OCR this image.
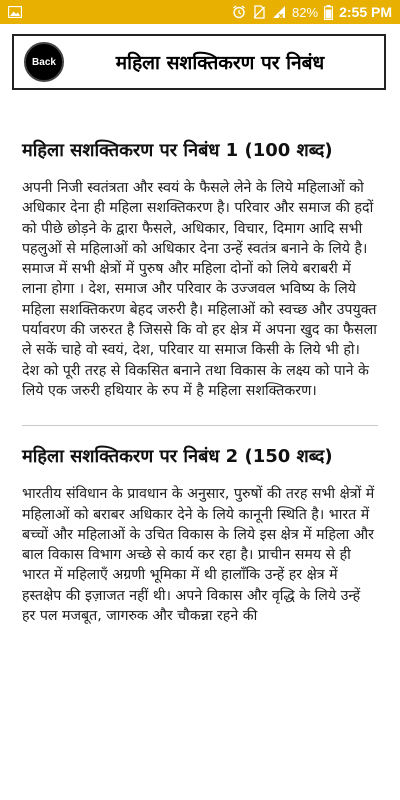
82% 2:55 PM
Back	महिला सशक्तिकरण पर निबंध
महिला सशक्तिकरण पर निबंध 1 (100 शब्द)

अपनी निजी स्वतंत्रता और स्वयं के फैसले लेने के लिये महिलाओं को अधिकार देना ही महिला सशक्तिकरण है। परिवार और समाज की हदों को पीछे छोड़ने के द्वारा फैसले, अधिकार, विचार, दिमाग आदि सभी पहलुओं से महिलाओं को अधिकार देना उन्हें स्वतंत्र बनाने के लिये है। समाज में सभी क्षेत्रों में पुरुष और महिला दोनों को लिये बराबरी में लाना होगा । देश, समाज और परिवार के उज्जवल भविष्य के लिये महिला सशक्तिकरण बेहद जरुरी है। महिलाओं को स्वच्छ और उपयुक्त पर्यावरण की जरुरत है जिससे कि वो हर क्षेत्र में अपना खुद का फैसला ले सकें चाहे वो स्वयं, देश, परिवार या समाज किसी के लिये भी हो। देश को पूरी तरह से विकसित बनाने तथा विकास के लक्ष्य को पाने के लिये एक जरुरी हथियार के रुप में है महिला सशक्तिकरण।

महिला सशक्तिकरण पर निबंध 2 (150 शब्द)

भारतीय संविधान के प्रावधान के अनुसार, पुरुषों की तरह सभी क्षेत्रों में महिलाओं को बराबर अधिकार देने के लिये कानूनी स्थिति है। भारत में बच्चों और महिलाओं के उचित विकास के लिये इस क्षेत्र में महिला और बाल विकास विभाग अच्छे से कार्य कर रहा है। प्राचीन समय से ही भारत में महिलाएँ अग्रणी भूमिका में थी हालाँकि उन्हें हर क्षेत्र में हस्तक्षेप की इज़ाजत नहीं थी। अपने विकास और वृद्धि के लिये उन्हें हर पल मजबूत, जागरुक और चौकन्ना रहने की
